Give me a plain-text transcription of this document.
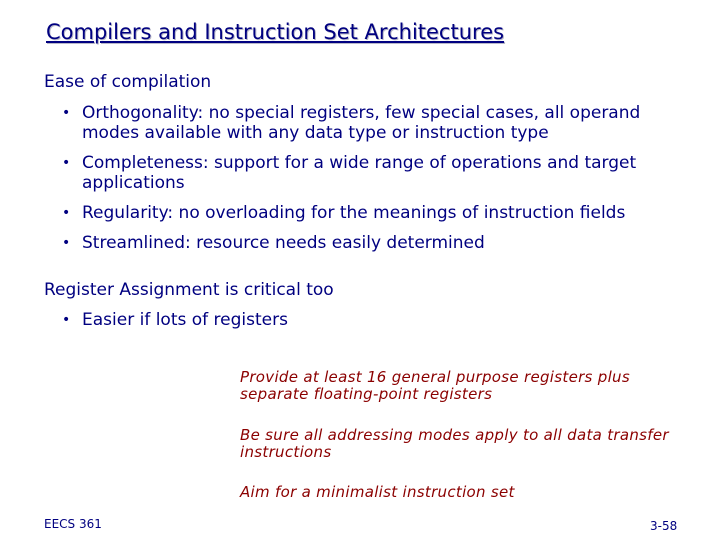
Compilers and Instruction Set Architectures
Ease of compilation
• Orthogonality: no special registers, few special cases, all operand modes available with any data type or instruction type
• Completeness: support for a wide range of operations and target applications
• Regularity: no overloading for the meanings of instruction fields
• Streamlined: resource needs easily determined
Register Assignment is critical too
• Easier if lots of registers
Provide at least 16 general purpose registers plus separate floating-point registers
Be sure all addressing modes apply to all data transfer instructions
Aim for a minimalist instruction set
EECS 361	3-58
